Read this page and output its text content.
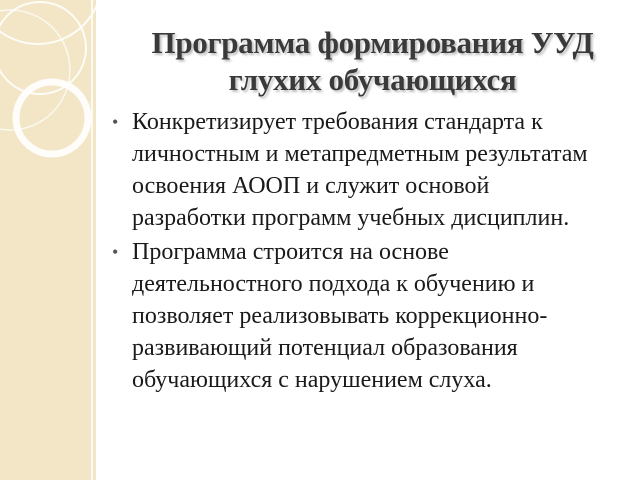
Программа формирования УУД
глухих обучающихся
• Конкретизирует требования стандарта к личностным и метапредметным результатам освоения АООП и служит основой разработки программ учебных дисциплин.
• Программа строится на основе деятельностного подхода к обучению и позволяет реализовывать коррекционно-развивающий потенциал образования обучающихся с нарушением слуха.
